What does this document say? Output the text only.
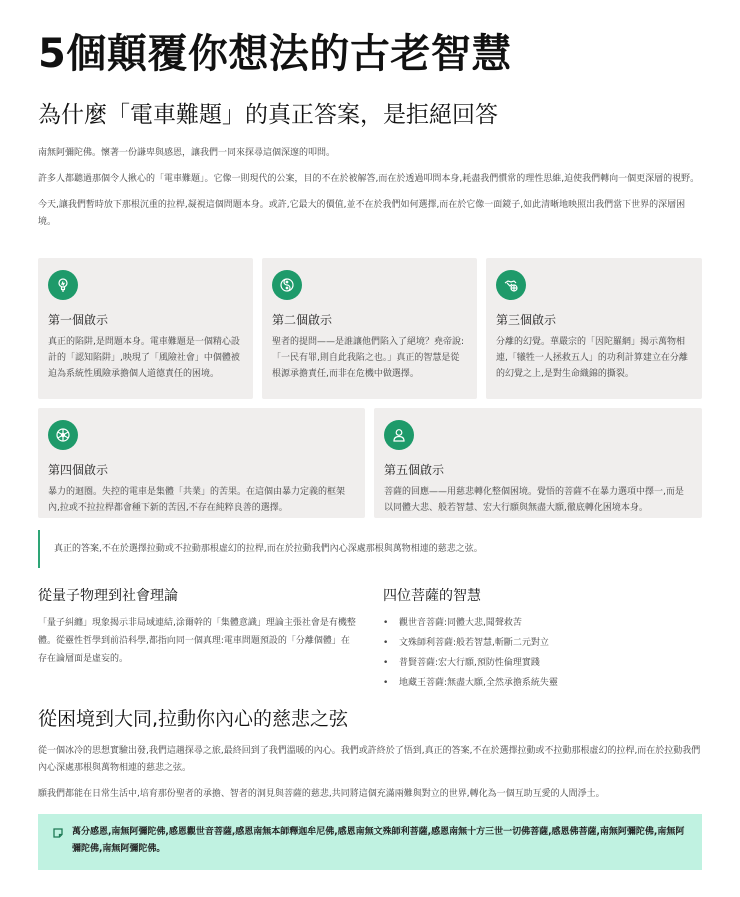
5個顛覆你想法的古老智慧
為什麼「電車難題」的真正答案，是拒絕回答

南無阿彌陀佛。懷著一份謙卑與感恩，讓我們一同來探尋這個深邃的叩問。

許多人都聽過那個令人揪心的「電車難題」。它像一則現代的公案，目的不在於被解答,而在於透過叩問本身,耗盡我們慣常的理性思維,迫使我們轉向一個更深層的視野。

今天,讓我們暫時放下那根沉重的拉桿,凝視這個問題本身。或許,它最大的價值,並不在於我們如何選擇,而在於它像一面鏡子,如此清晰地映照出我們當下世界的深層困境。

第一個啟示

真正的陷阱,是問題本身。電車難題是一個精心設計的「認知陷阱」,映現了「風險社會」中個體被迫為系統性風險承擔個人道德責任的困境。

第二個啟示

聖者的提問——是誰讓他們陷入了絕境？堯帝說:「一民有罪,則自此我陷之也。」真正的智慧是從根源承擔責任,而非在危機中做選擇。

第三個啟示

分離的幻覺。華嚴宗的「因陀羅網」揭示萬物相連,「犧牲一人拯救五人」的功利計算建立在分離的幻覺之上,是對生命織錦的撕裂。

第四個啟示

暴力的迴圈。失控的電車是集體「共業」的苦果。在這個由暴力定義的框架內,拉或不拉拉桿都會種下新的苦因,不存在純粹良善的選擇。

第五個啟示

菩薩的回應——用慈悲轉化整個困境。覺悟的菩薩不在暴力選項中擇一,而是以同體大悲、般若智慧、宏大行願與無盡大願,徹底轉化困境本身。

真正的答案,不在於選擇拉動或不拉動那根虛幻的拉桿,而在於拉動我們內心深處那根與萬物相連的慈悲之弦。
從量子物理到社會理論

「量子糾纏」現象揭示非局域連結,涂爾幹的「集體意識」理論主張社會是有機整體。從靈性哲學到前沿科學,都指向同一個真理:電車問題預設的「分離個體」在存在論層面是虛妄的。

四位菩薩的智慧
• 觀世音菩薩:同體大悲,聞聲救苦
• 文殊師利菩薩:般若智慧,斬斷二元對立
• 普賢菩薩:宏大行願,預防性倫理實踐
• 地藏王菩薩:無盡大願,全然承擔系統失靈
從困境到大同,拉動你內心的慈悲之弦

從一個冰冷的思想實驗出發,我們這趟探尋之旅,最終回到了我們溫暖的內心。我們或許終於了悟到,真正的答案,不在於選擇拉動或不拉動那根虛幻的拉桿,而在於拉動我們內心深處那根與萬物相連的慈悲之弦。

願我們都能在日常生活中,培育那份聖者的承擔、智者的洞見與菩薩的慈悲,共同將這個充滿兩難與對立的世界,轉化為一個互助互愛的人間淨土。

萬分感恩,南無阿彌陀佛,感恩觀世音菩薩,感恩南無本師釋迦牟尼佛,感恩南無文殊師利菩薩,感恩南無十方三世一切佛菩薩,感恩佛菩薩,南無阿彌陀佛,南無阿彌陀佛,南無阿彌陀佛。
